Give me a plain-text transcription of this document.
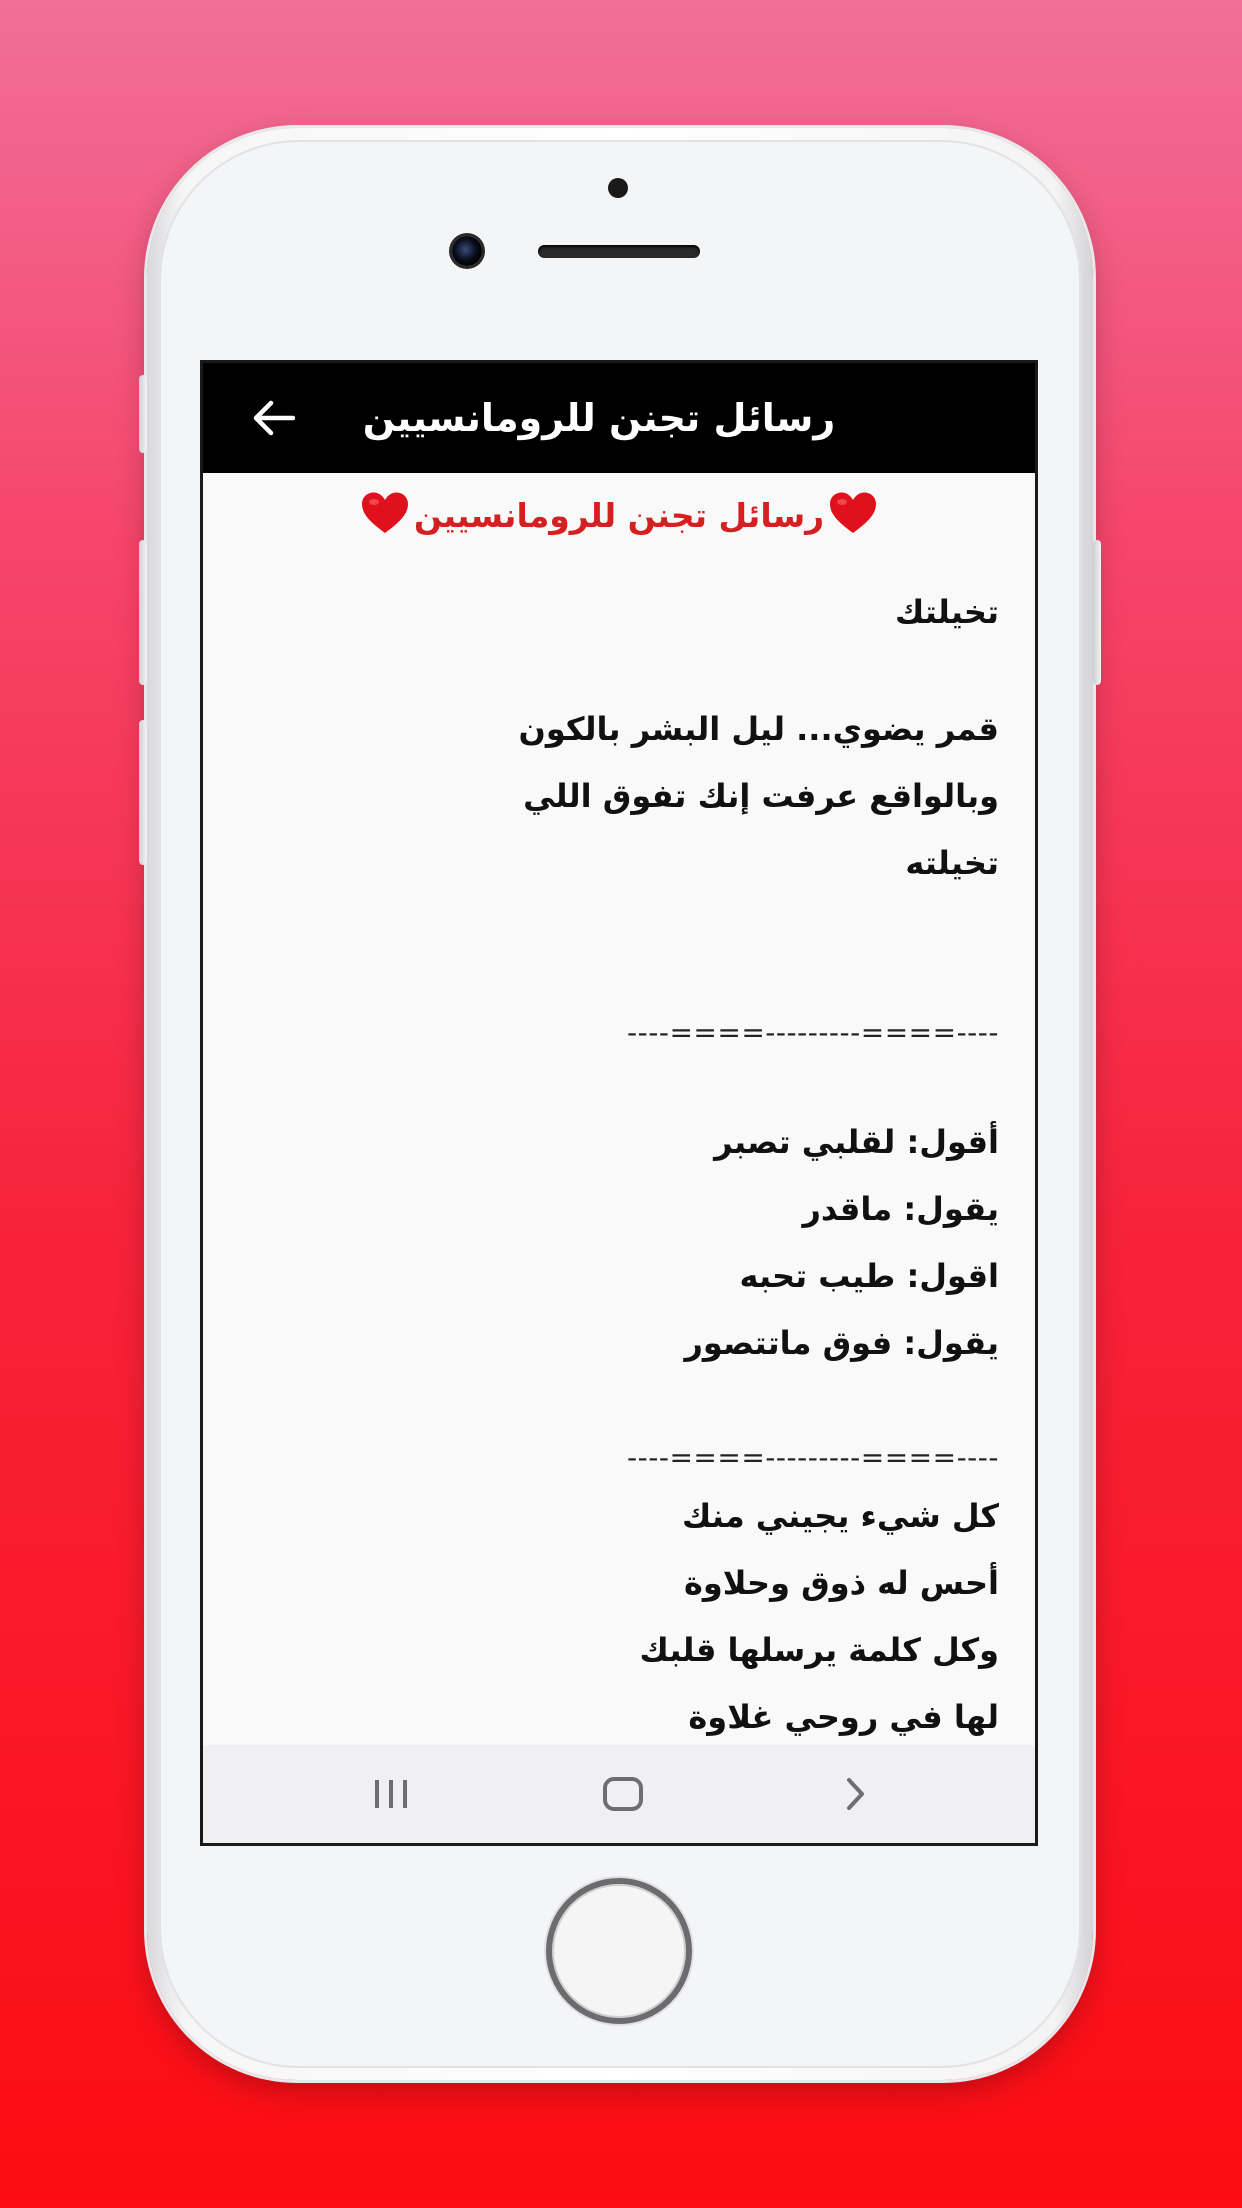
رسائل تجنن للرومانسيين
رسائل تجنن للرومانسيين
تخيلتك
قمر يضوي... ليل البشر بالكون
وبالواقع عرفت إنك تفوق اللي
تخيلته
----====---------====----
أقول: لقلبي تصبر
يقول: ماقدر
اقول: طيب تحبه
يقول: فوق ماتتصور
----====---------====----
كل شيء يجيني منك
أحس له ذوق وحلاوة
وكل كلمة يرسلها قلبك
لها في روحي غلاوة
